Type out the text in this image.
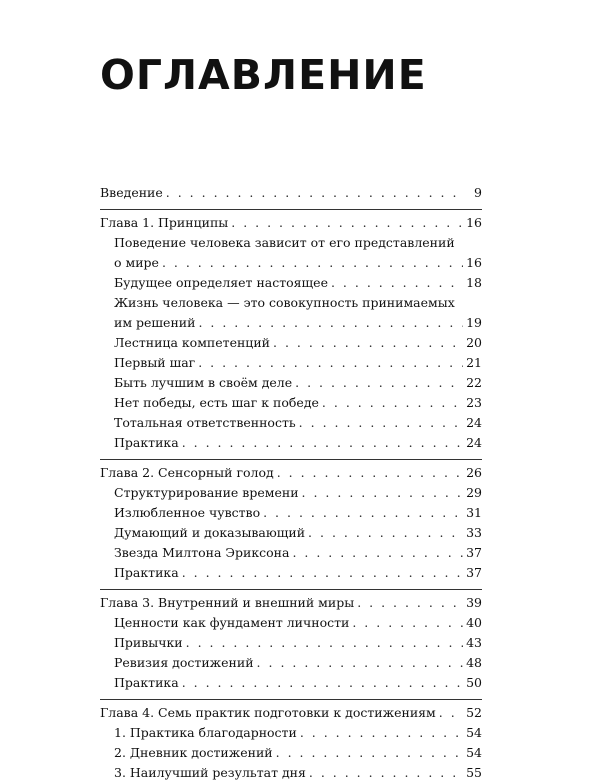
ОГЛАВЛЕНИЕ
Введение . . .	9
Глава 1. Принципы . . .	16
Поведение человека зависит от его представлений
о мире . . .	16
Будущее определяет настоящее . . .	18
Жизнь человека — это совокупность принимаемых
им решений . . .	19
Лестница компетенций . . .	20
Первый шаг . . .	21
Быть лучшим в своём деле . . .	22
Нет победы, есть шаг к победе . . .	23
Тотальная ответственность . . .	24
Практика . . .	24
Глава 2. Сенсорный голод . . .	26
Структурирование времени . . .	29
Излюбленное чувство . . .	31
Думающий и доказывающий . . .	33
Звезда Милтона Эриксона . . .	37
Практика . . .	37
Глава 3. Внутренний и внешний миры . . .	39
Ценности как фундамент личности . . .	40
Привычки . . .	43
Ревизия достижений . . .	48
Практика . . .	50
Глава 4. Семь практик подготовки к достижениям . . . 52
1. Практика благодарности . . .	54
2. Дневник достижений . . .	54
3. Наилучший результат дня . . .	55
